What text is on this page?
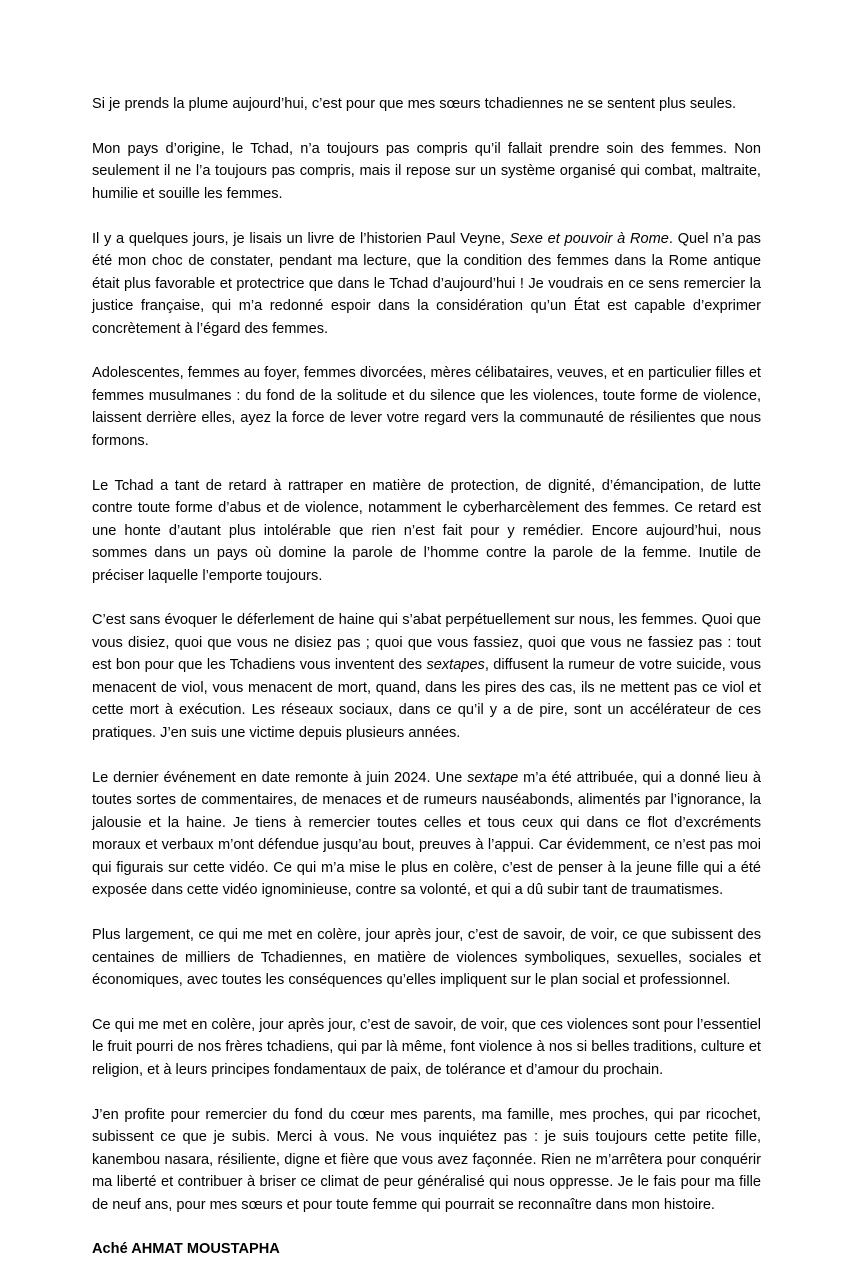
Si je prends la plume aujourd’hui, c’est pour que mes sœurs tchadiennes ne se sentent plus seules.

Mon pays d’origine, le Tchad, n’a toujours pas compris qu’il fallait prendre soin des femmes. Non seulement il ne l’a toujours pas compris, mais il repose sur un système organisé qui combat, maltraite, humilie et souille les femmes.

Il y a quelques jours, je lisais un livre de l’historien Paul Veyne, Sexe et pouvoir à Rome. Quel n’a pas été mon choc de constater, pendant ma lecture, que la condition des femmes dans la Rome antique était plus favorable et protectrice que dans le Tchad d’aujourd’hui ! Je voudrais en ce sens remercier la justice française, qui m’a redonné espoir dans la considération qu’un État est capable d’exprimer concrètement à l’égard des femmes.

Adolescentes, femmes au foyer, femmes divorcées, mères célibataires, veuves, et en particulier filles et femmes musulmanes : du fond de la solitude et du silence que les violences, toute forme de violence, laissent derrière elles, ayez la force de lever votre regard vers la communauté de résilientes que nous formons.

Le Tchad a tant de retard à rattraper en matière de protection, de dignité, d’émancipation, de lutte contre toute forme d’abus et de violence, notamment le cyberharcèlement des femmes. Ce retard est une honte d’autant plus intolérable que rien n’est fait pour y remédier. Encore aujourd’hui, nous sommes dans un pays où domine la parole de l’homme contre la parole de la femme. Inutile de préciser laquelle l’emporte toujours.

C’est sans évoquer le déferlement de haine qui s’abat perpétuellement sur nous, les femmes. Quoi que vous disiez, quoi que vous ne disiez pas ; quoi que vous fassiez, quoi que vous ne fassiez pas : tout est bon pour que les Tchadiens vous inventent des sextapes, diffusent la rumeur de votre suicide, vous menacent de viol, vous menacent de mort, quand, dans les pires des cas, ils ne mettent pas ce viol et cette mort à exécution. Les réseaux sociaux, dans ce qu’il y a de pire, sont un accélérateur de ces pratiques. J’en suis une victime depuis plusieurs années.

Le dernier événement en date remonte à juin 2024. Une sextape m’a été attribuée, qui a donné lieu à toutes sortes de commentaires, de menaces et de rumeurs nauséabonds, alimentés par l’ignorance, la jalousie et la haine. Je tiens à remercier toutes celles et tous ceux qui dans ce flot d’excréments moraux et verbaux m’ont défendue jusqu’au bout, preuves à l’appui. Car évidemment, ce n’est pas moi qui figurais sur cette vidéo. Ce qui m’a mise le plus en colère, c’est de penser à la jeune fille qui a été exposée dans cette vidéo ignominieuse, contre sa volonté, et qui a dû subir tant de traumatismes.

Plus largement, ce qui me met en colère, jour après jour, c’est de savoir, de voir, ce que subissent des centaines de milliers de Tchadiennes, en matière de violences symboliques, sexuelles, sociales et économiques, avec toutes les conséquences qu’elles impliquent sur le plan social et professionnel.

Ce qui me met en colère, jour après jour, c’est de savoir, de voir, que ces violences sont pour l’essentiel le fruit pourri de nos frères tchadiens, qui par là même, font violence à nos si belles traditions, culture et religion, et à leurs principes fondamentaux de paix, de tolérance et d’amour du prochain.

J’en profite pour remercier du fond du cœur mes parents, ma famille, mes proches, qui par ricochet, subissent ce que je subis. Merci à vous. Ne vous inquiétez pas : je suis toujours cette petite fille, kanembou nasara, résiliente, digne et fière que vous avez façonnée. Rien ne m’arrêtera pour conquérir ma liberté et contribuer à briser ce climat de peur généralisé qui nous oppresse. Je le fais pour ma fille de neuf ans, pour mes sœurs et pour toute femme qui pourrait se reconnaître dans mon histoire.

Aché AHMAT MOUSTAPHA
